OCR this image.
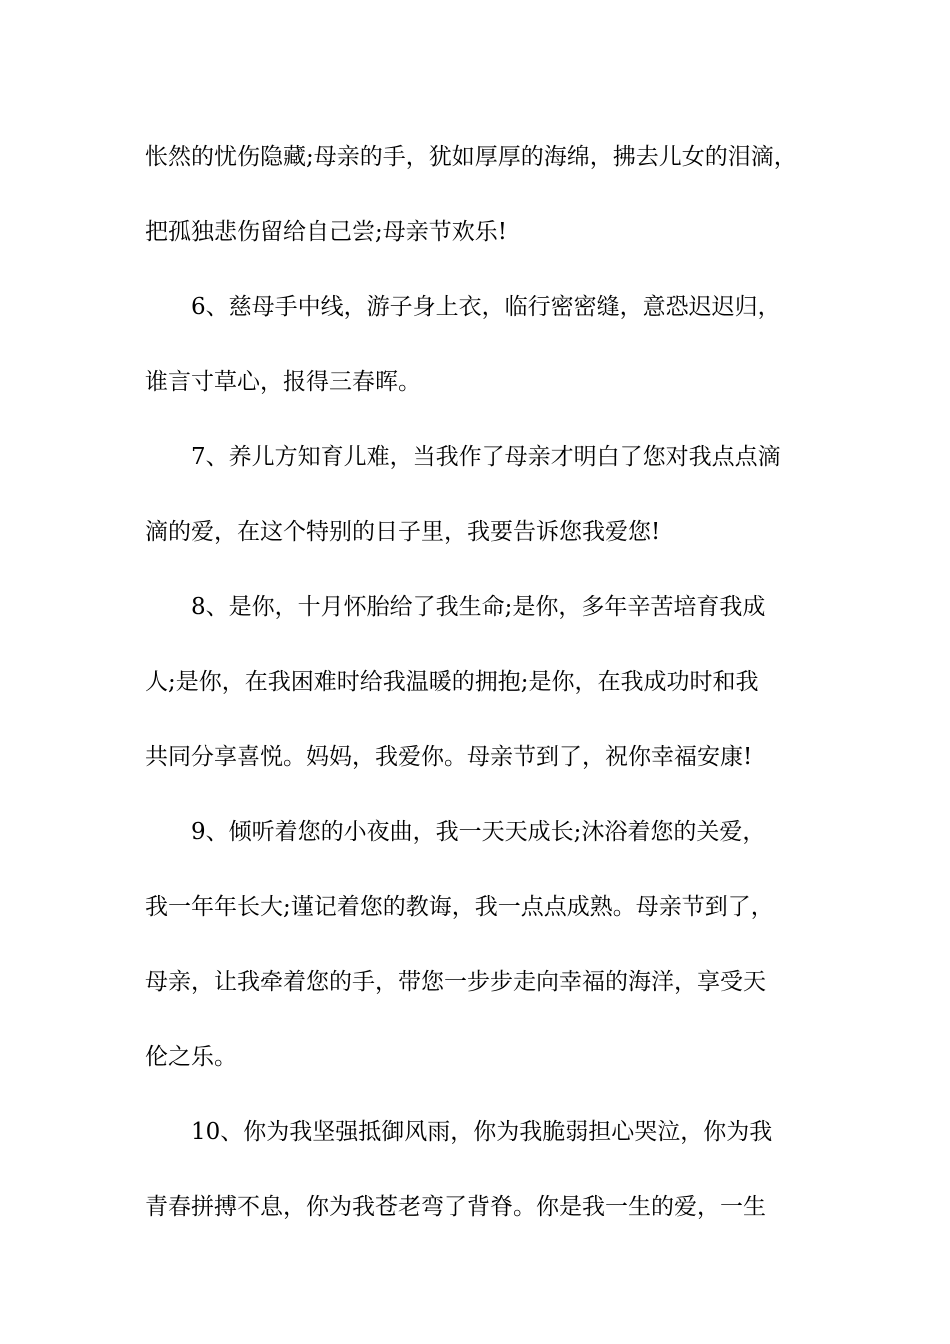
怅然的忧伤隐藏;母亲的手，犹如厚厚的海绵，拂去儿女的泪滴，
把孤独悲伤留给自己尝;母亲节欢乐!
6、慈母手中线，游子身上衣，临行密密缝，意恐迟迟归，
谁言寸草心，报得三春晖。
7、养儿方知育儿难，当我作了母亲才明白了您对我点点滴
滴的爱，在这个特别的日子里，我要告诉您我爱您!
8、是你，十月怀胎给了我生命;是你，多年辛苦培育我成
人;是你，在我困难时给我温暖的拥抱;是你，在我成功时和我
共同分享喜悦。妈妈，我爱你。母亲节到了，祝你幸福安康!
9、倾听着您的小夜曲，我一天天成长;沐浴着您的关爱，
我一年年长大;谨记着您的教诲，我一点点成熟。母亲节到了，
母亲，让我牵着您的手，带您一步步走向幸福的海洋，享受天
伦之乐。
10、你为我坚强抵御风雨，你为我脆弱担心哭泣，你为我
青春拼搏不息，你为我苍老弯了背脊。你是我一生的爱，一生
